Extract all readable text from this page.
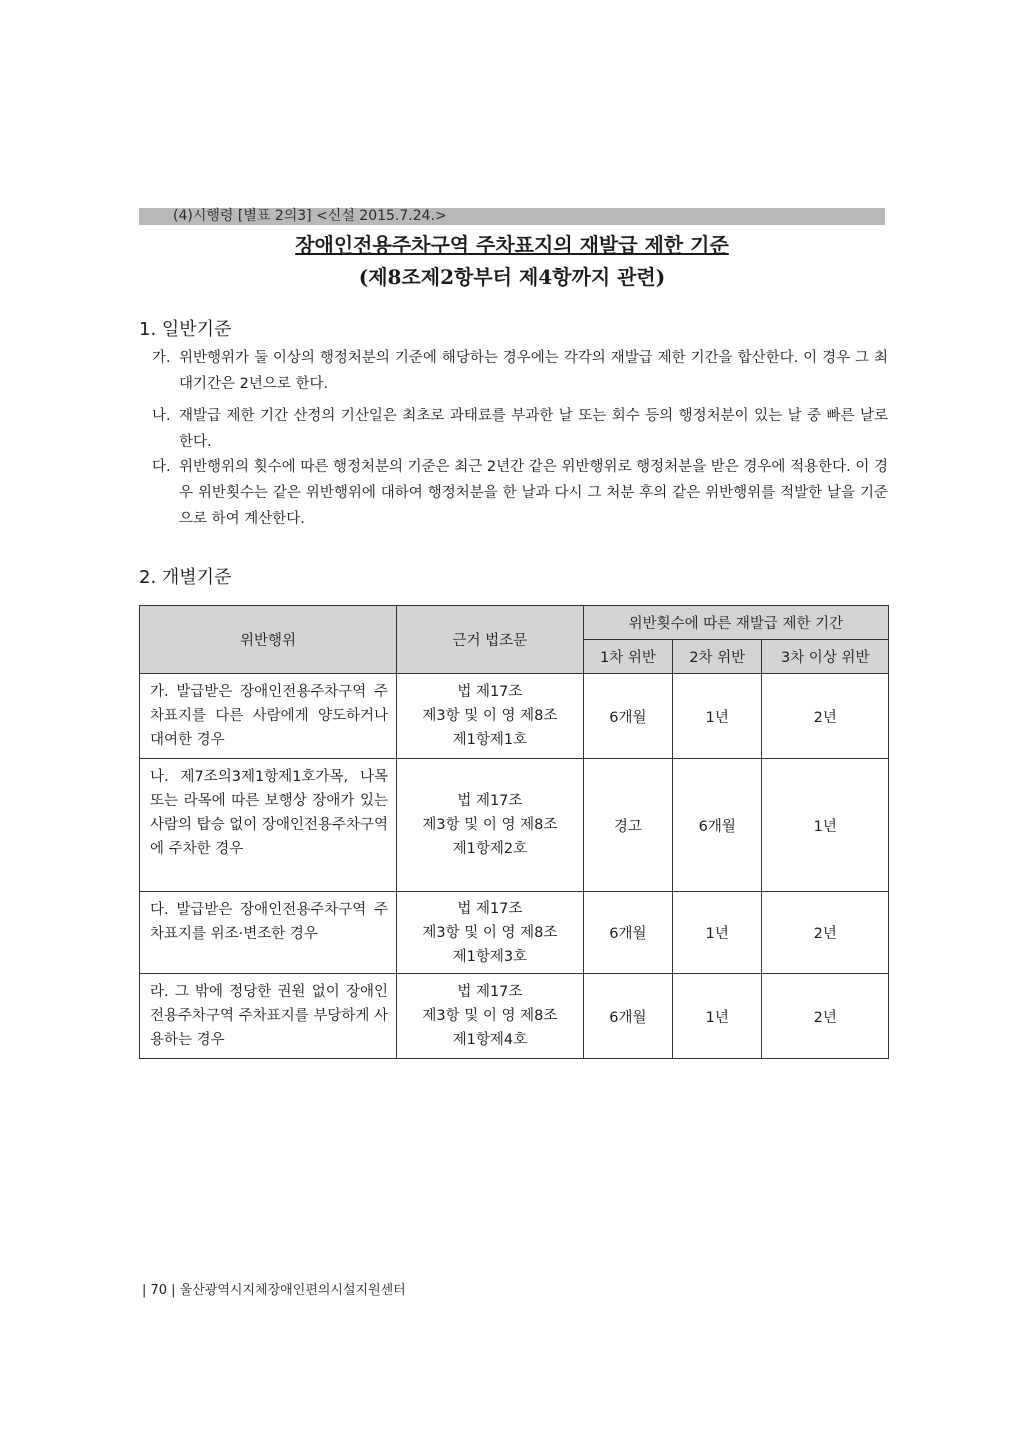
(4)시행령 [별표 2의3] <신설 2015.7.24.>
장애인전용주차구역 주차표지의 재발급 제한 기준
(제8조제2항부터 제4항까지 관련)
1. 일반기준
가. 위반행위가 둘 이상의 행정처분의 기준에 해당하는 경우에는 각각의 재발급 제한 기간을 합산한다. 이 경우 그 최대기간은 2년으로 한다.
나. 재발급 제한 기간 산정의 기산일은 최초로 과태료를 부과한 날 또는 회수 등의 행정처분이 있는 날 중 빠른 날로 한다.
다. 위반행위의 횟수에 따른 행정처분의 기준은 최근 2년간 같은 위반행위로 행정처분을 받은 경우에 적용한다. 이 경우 위반횟수는 같은 위반행위에 대하여 행정처분을 한 날과 다시 그 처분 후의 같은 위반행위를 적발한 날을 기준으로 하여 계산한다.
2. 개별기준
위반행위	근거 법조문	위반횟수에 따른 재발급 제한 기간		
		1차 위반	2차 위반	3차 이상 위반
가. 발급받은 장애인전용주차구역 주차표지를 다른 사람에게 양도하거나 대여한 경우	법 제17조
제3항 및 이 영 제8조
제1항제1호	6개월	1년	2년
나. 제7조의3제1항제1호가목, 나목 또는 라목에 따른 보행상 장애가 있는 사람의 탑승 없이 장애인전용주차구역에 주차한 경우	법 제17조
제3항 및 이 영 제8조
제1항제2호	경고	6개월	1년
다. 발급받은 장애인전용주차구역 주차표지를 위조·변조한 경우	법 제17조
제3항 및 이 영 제8조
제1항제3호	6개월	1년	2년
라. 그 밖에 정당한 권원 없이 장애인전용주차구역 주차표지를 부당하게 사용하는 경우	법 제17조
제3항 및 이 영 제8조
제1항제4호	6개월	1년	2년
| 70 | 울산광역시지체장애인편의시설지원센터
